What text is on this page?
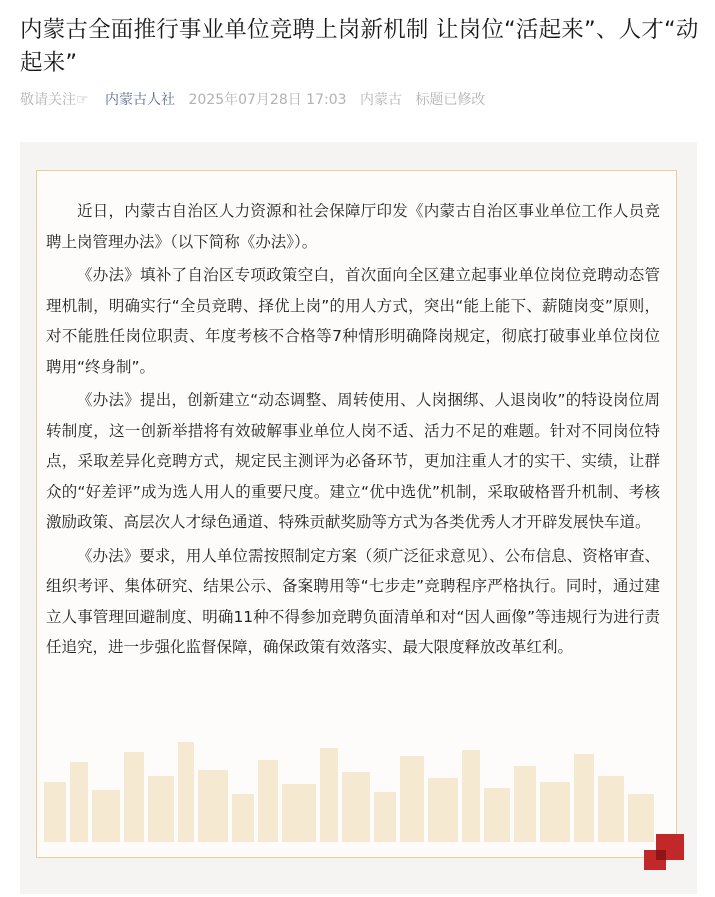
内蒙古全面推行事业单位竞聘上岗新机制 让岗位“活起来”、人才“动起来”
敬请关注☞ 内蒙古人社 2025年07月28日 17:03 内蒙古 标题已修改

近日，内蒙古自治区人力资源和社会保障厅印发《内蒙古自治区事业单位工作人员竞聘上岗管理办法》（以下简称《办法》）。

《办法》填补了自治区专项政策空白，首次面向全区建立起事业单位岗位竞聘动态管理机制，明确实行“全员竞聘、择优上岗”的用人方式，突出“能上能下、薪随岗变”原则，对不能胜任岗位职责、年度考核不合格等7种情形明确降岗规定，彻底打破事业单位岗位聘用“终身制”。

《办法》提出，创新建立“动态调整、周转使用、人岗捆绑、人退岗收”的特设岗位周转制度，这一创新举措将有效破解事业单位人岗不适、活力不足的难题。针对不同岗位特点，采取差异化竞聘方式，规定民主测评为必备环节，更加注重人才的实干、实绩，让群众的“好差评”成为选人用人的重要尺度。建立“优中选优”机制，采取破格晋升机制、考核激励政策、高层次人才绿色通道、特殊贡献奖励等方式为各类优秀人才开辟发展快车道。

《办法》要求，用人单位需按照制定方案（须广泛征求意见）、公布信息、资格审查、组织考评、集体研究、结果公示、备案聘用等“七步走”竞聘程序严格执行。同时，通过建立人事管理回避制度、明确11种不得参加竞聘负面清单和对“因人画像”等违规行为进行责任追究，进一步强化监督保障，确保政策有效落实、最大限度释放改革红利。
